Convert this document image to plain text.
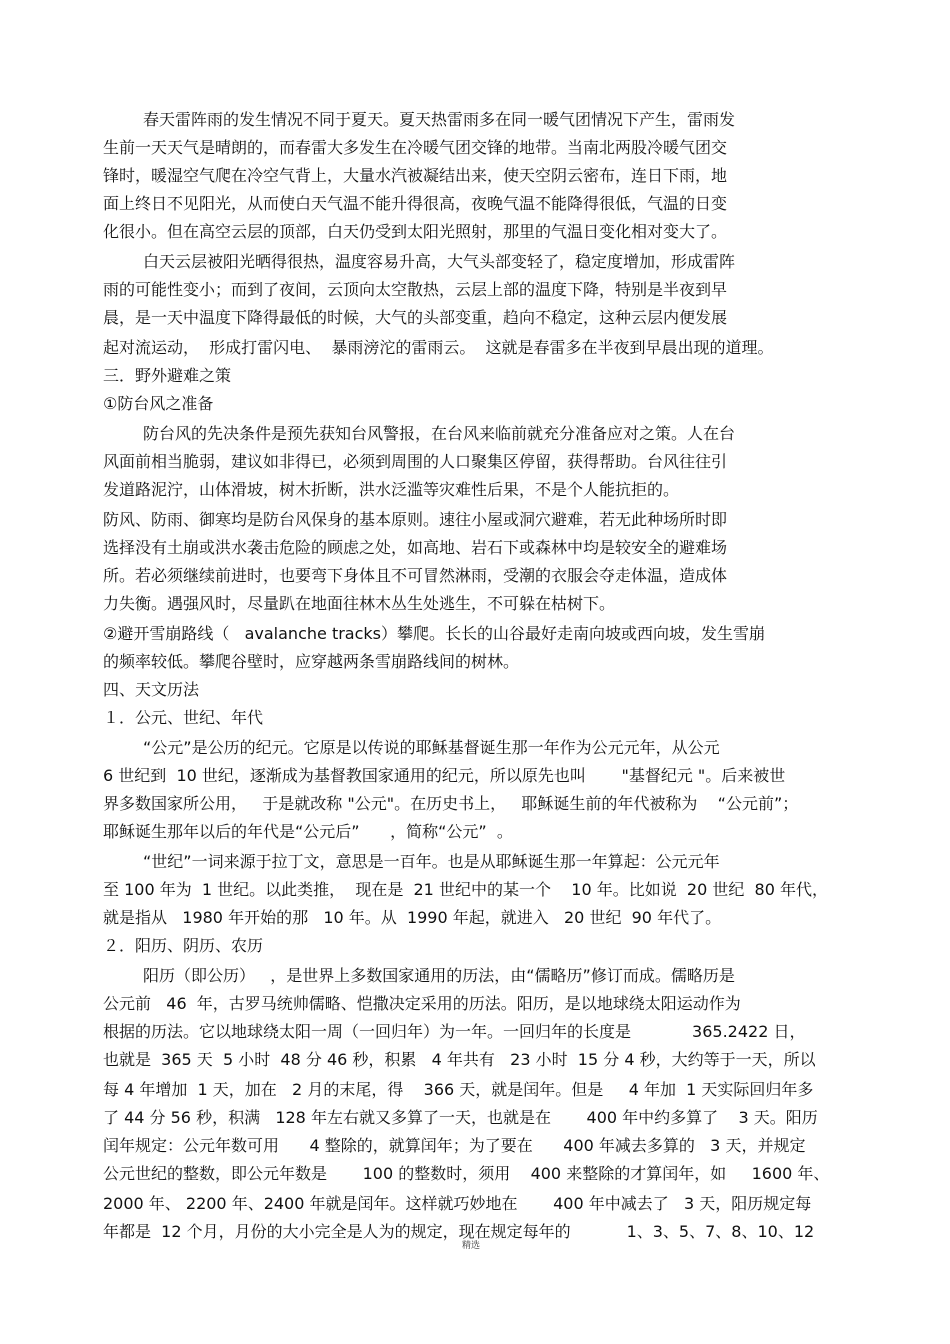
春天雷阵雨的发生情况不同于夏天。夏天热雷雨多在同一暖气团情况下产生，雷雨发
生前一天天气是晴朗的，而春雷大多发生在冷暖气团交锋的地带。当南北两股冷暖气团交
锋时，暖湿空气爬在冷空气背上，大量水汽被凝结出来，使天空阴云密布，连日下雨，地
面上终日不见阳光，从而使白天气温不能升得很高，夜晚气温不能降得很低，气温的日变
化很小。但在高空云层的顶部，白天仍受到太阳光照射，那里的气温日变化相对变大了。
白天云层被阳光晒得很热，温度容易升高，大气头部变轻了，稳定度增加，形成雷阵
雨的可能性变小；而到了夜间，云顶向太空散热，云层上部的温度下降，特别是半夜到早
晨，是一天中温度下降得最低的时候，大气的头部变重，趋向不稳定，这种云层内便发展
起对流运动，  形成打雷闪电、  暴雨滂沱的雷雨云。  这就是春雷多在半夜到早晨出现的道理。
三．野外避难之策
①防台风之准备
防台风的先决条件是预先获知台风警报，在台风来临前就充分准备应对之策。人在台
风面前相当脆弱，建议如非得已，必须到周围的人口聚集区停留，获得帮助。台风往往引
发道路泥泞，山体滑坡，树木折断，洪水泛滥等灾难性后果，不是个人能抗拒的。
防风、防雨、御寒均是防台风保身的基本原则。速往小屋或洞穴避难，若无此种场所时即
选择没有土崩或洪水袭击危险的顾虑之处，如高地、岩石下或森林中均是较安全的避难场
所。若必须继续前进时，也要弯下身体且不可冒然淋雨，受潮的衣服会夺走体温，造成体
力失衡。遇强风时，尽量趴在地面往林木丛生处逃生，不可躲在枯树下。
②避开雪崩路线（   avalanche tracks）攀爬。长长的山谷最好走南向坡或西向坡，发生雪崩
的频率较低。攀爬谷壁时，应穿越两条雪崩路线间的树林。
四、天文历法
１．公元、世纪、年代
“公元”是公历的纪元。它原是以传说的耶稣基督诞生那一年作为公元元年，从公元
6 世纪到  10 世纪，逐渐成为基督教国家通用的纪元，所以原先也叫       "基督纪元 "。后来被世
界多数国家所公用，   于是就改称 "公元"。在历史书上，   耶稣诞生前的年代被称为    “公元前”；
耶稣诞生那年以后的年代是“公元后”      ，简称“公元”  。
“世纪”一词来源于拉丁文，意思是一百年。也是从耶稣诞生那一年算起：公元元年
至 100 年为  1 世纪。以此类推，  现在是  21 世纪中的某一个    10 年。比如说  20 世纪  80 年代，
就是指从   1980 年开始的那   10 年。从  1990 年起，就进入   20 世纪  90 年代了。
２．阳历、阴历、农历
阳历（即公历）   ，是世界上多数国家通用的历法，由“儒略历”修订而成。儒略历是
公元前   46  年，古罗马统帅儒略、恺撒决定采用的历法。阳历，是以地球绕太阳运动作为
根据的历法。它以地球绕太阳一周（一回归年）为一年。一回归年的长度是            365.2422 日，
也就是  365 天  5 小时  48 分 46 秒，积累   4 年共有   23 小时  15 分 4 秒，大约等于一天，所以
每 4 年增加  1 天，加在   2 月的末尾，得    366 天，就是闰年。但是     4 年加  1 天实际回归年多
了 44 分 56 秒，积满   128 年左右就又多算了一天，也就是在       400 年中约多算了    3 天。阳历
闰年规定：公元年数可用      4 整除的，就算闰年；为了要在      400 年减去多算的   3 天，并规定
公元世纪的整数，即公元年数是       100 的整数时，须用    400 来整除的才算闰年，如     1600 年、
2000 年、 2200 年、2400 年就是闰年。这样就巧妙地在       400 年中减去了   3 天，阳历规定每
年都是  12 个月，月份的大小完全是人为的规定，现在规定每年的           1、3、5、7、8、10、12
精选
